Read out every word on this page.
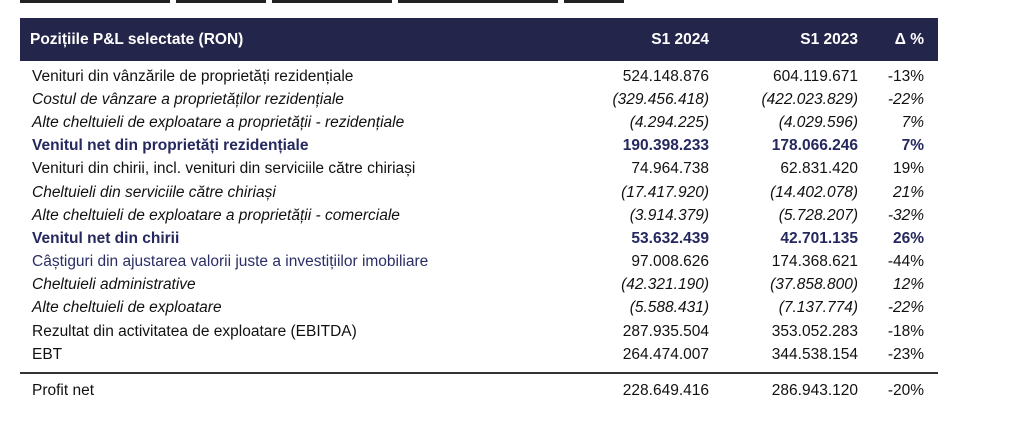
Pozițiile P&L selectate (RON)	S1 2024	S1 2023	Δ %
Venituri din vânzările de proprietăți rezidențiale	524.148.876	604.119.671	-13%
Costul de vânzare a proprietăților rezidențiale	(329.456.418)	(422.023.829)	-22%
Alte cheltuieli de exploatare a proprietății - rezidențiale	(4.294.225)	(4.029.596)	7%
Venitul net din proprietăți rezidențiale	190.398.233	178.066.246	7%
Venituri din chirii, incl. venituri din serviciile către chiriași	74.964.738	62.831.420	19%
Cheltuieli din serviciile către chiriași	(17.417.920)	(14.402.078)	21%
Alte cheltuieli de exploatare a proprietății - comerciale	(3.914.379)	(5.728.207)	-32%
Venitul net din chirii	53.632.439	42.701.135	26%
Câștiguri din ajustarea valorii juste a investițiilor imobiliare	97.008.626	174.368.621	-44%
Cheltuieli administrative	(42.321.190)	(37.858.800)	12%
Alte cheltuieli de exploatare	(5.588.431)	(7.137.774)	-22%
Rezultat din activitatea de exploatare (EBITDA)	287.935.504	353.052.283	-18%
EBT	264.474.007	344.538.154	-23%
Profit net	228.649.416	286.943.120	-20%
